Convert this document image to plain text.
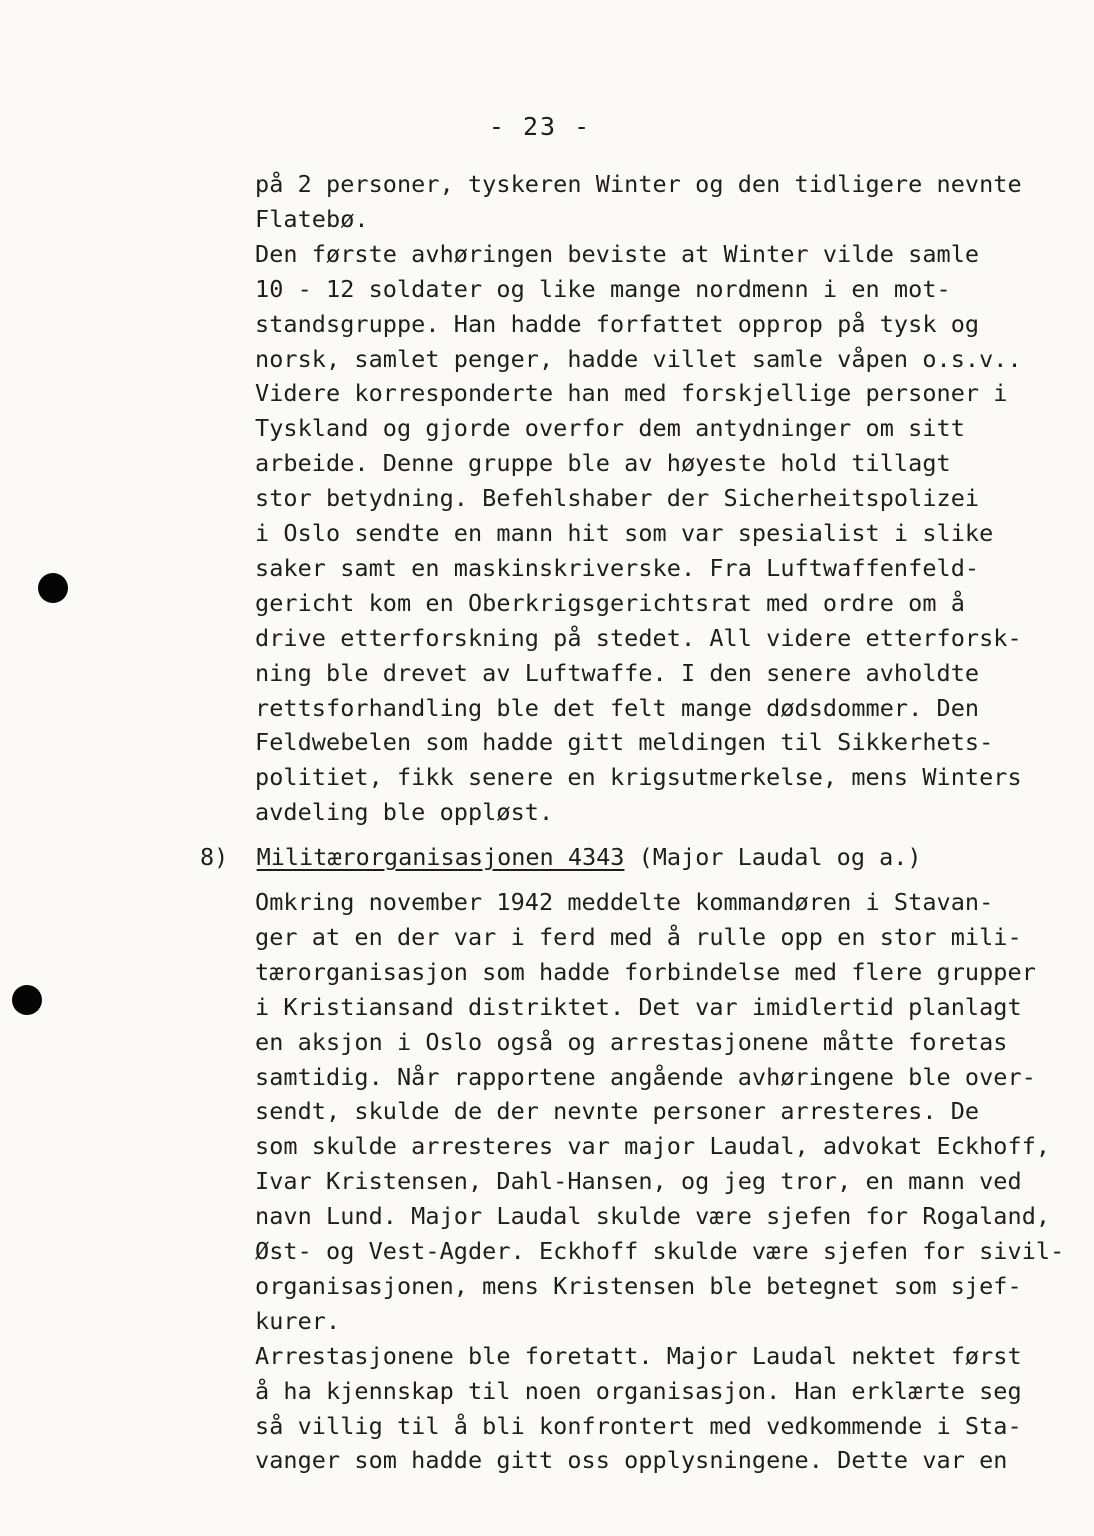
- 23 -
på 2 personer, tyskeren Winter og den tidligere nevnte
Flatebø.
Den første avhøringen beviste at Winter vilde samle
10 - 12 soldater og like mange nordmenn i en mot-
standsgruppe. Han hadde forfattet opprop på tysk og
norsk, samlet penger, hadde villet samle våpen o.s.v..
Videre korresponderte han med forskjellige personer i
Tyskland og gjorde overfor dem antydninger om sitt
arbeide. Denne gruppe ble av høyeste hold tillagt
stor betydning. Befehlshaber der Sicherheitspolizei
i Oslo sendte en mann hit som var spesialist i slike
saker samt en maskinskriverske. Fra Luftwaffenfeld-
gericht kom en Oberkrigsgerichtsrat med ordre om å
drive etterforskning på stedet. All videre etterforsk-
ning ble drevet av Luftwaffe. I den senere avholdte
rettsforhandling ble det felt mange dødsdommer. Den
Feldwebelen som hadde gitt meldingen til Sikkerhets-
politiet, fikk senere en krigsutmerkelse, mens Winters
avdeling ble oppløst.
8) Militærorganisasjonen 4343 (Major Laudal og a.)
Omkring november 1942 meddelte kommandøren i Stavan-
ger at en der var i ferd med å rulle opp en stor mili-
tærorganisasjon som hadde forbindelse med flere grupper
i Kristiansand distriktet. Det var imidlertid planlagt
en aksjon i Oslo også og arrestasjonene måtte foretas
samtidig. Når rapportene angående avhøringene ble over-
sendt, skulde de der nevnte personer arresteres. De
som skulde arresteres var major Laudal, advokat Eckhoff,
Ivar Kristensen, Dahl-Hansen, og jeg tror, en mann ved
navn Lund. Major Laudal skulde være sjefen for Rogaland,
Øst- og Vest-Agder. Eckhoff skulde være sjefen for sivil-
organisasjonen, mens Kristensen ble betegnet som sjef-
kurer.
Arrestasjonene ble foretatt. Major Laudal nektet først
å ha kjennskap til noen organisasjon. Han erklærte seg
så villig til å bli konfrontert med vedkommende i Sta-
vanger som hadde gitt oss opplysningene. Dette var en
